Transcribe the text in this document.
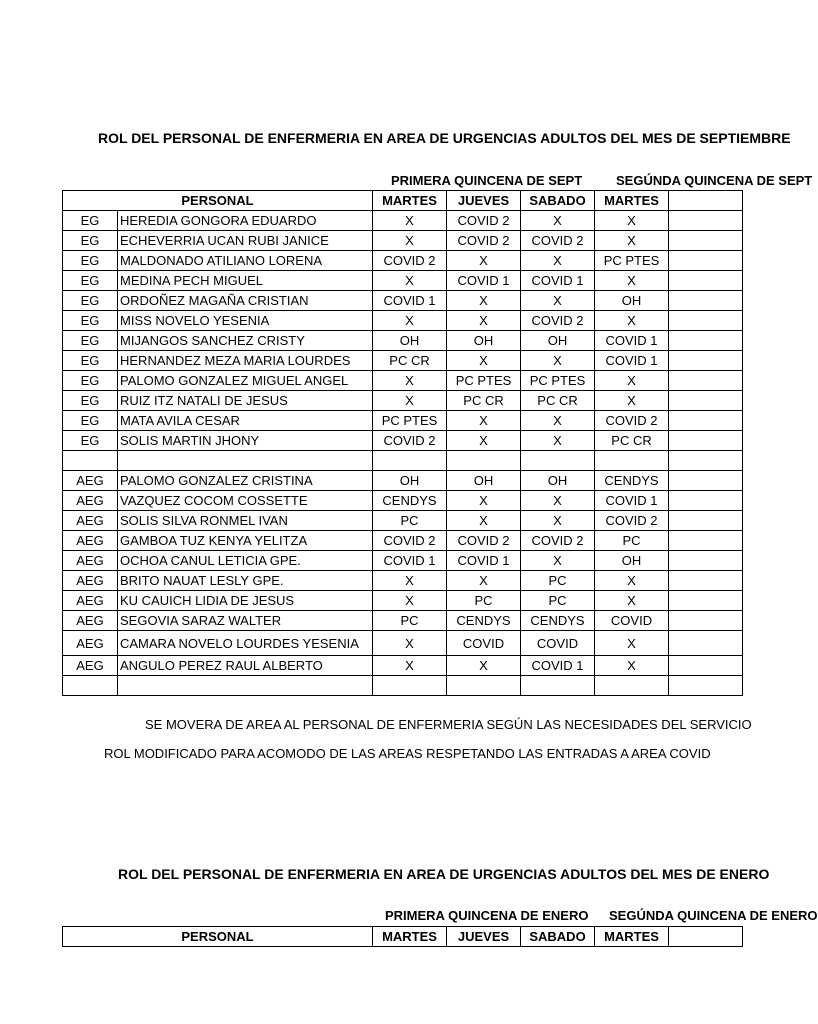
ROL DEL PERSONAL DE ENFERMERIA EN AREA DE URGENCIAS ADULTOS DEL MES DE SEPTIEMBRE
PRIMERA QUINCENA DE SEPT	SEGÚNDA QUINCENA DE SEPT
PERSONAL		MARTES	JUEVES	SABADO	MARTES	
EG	HEREDIA GONGORA EDUARDO	X	COVID 2	X	X	
EG	ECHEVERRIA UCAN RUBI JANICE	X	COVID 2	COVID 2	X	
EG	MALDONADO ATILIANO LORENA	COVID 2	X	X	PC PTES	
EG	MEDINA PECH MIGUEL	X	COVID 1	COVID 1	X	
EG	ORDOÑEZ MAGAÑA CRISTIAN	COVID 1	X	X	OH	
EG	MISS NOVELO YESENIA	X	X	COVID 2	X	
EG	MIJANGOS SANCHEZ CRISTY	OH	OH	OH	COVID 1	
EG	HERNANDEZ MEZA MARIA LOURDES	PC CR	X	X	COVID 1	
EG	PALOMO GONZALEZ MIGUEL ANGEL	X	PC PTES	PC PTES	X	
EG	RUIZ ITZ NATALI DE JESUS	X	PC CR	PC CR	X	
EG	MATA AVILA CESAR	PC PTES	X	X	COVID 2	
EG	SOLIS MARTIN JHONY	COVID 2	X	X	PC CR	

AEG	PALOMO GONZALEZ CRISTINA	OH	OH	OH	CENDYS	
AEG	VAZQUEZ COCOM COSSETTE	CENDYS	X	X	COVID 1	
AEG	SOLIS SILVA RONMEL IVAN	PC	X	X	COVID 2	
AEG	GAMBOA TUZ KENYA YELITZA	COVID 2	COVID 2	COVID 2	PC	
AEG	OCHOA CANUL LETICIA GPE.	COVID 1	COVID 1	X	OH	
AEG	BRITO NAUAT LESLY GPE.	X	X	PC	X	
AEG	KU CAUICH LIDIA DE JESUS	X	PC	PC	X	
AEG	SEGOVIA SARAZ WALTER	PC	CENDYS	CENDYS	COVID	
AEG	CAMARA NOVELO LOURDES YESENIA	X	COVID	COVID	X	
AEG	ANGULO PEREZ RAUL ALBERTO	X	X	COVID 1	X	

SE MOVERA DE AREA AL PERSONAL DE ENFERMERIA SEGÚN LAS NECESIDADES DEL SERVICIO
ROL MODIFICADO PARA ACOMODO DE LAS AREAS RESPETANDO LAS ENTRADAS A AREA COVID
ROL DEL PERSONAL DE ENFERMERIA EN AREA DE URGENCIAS ADULTOS DEL MES DE ENERO
PRIMERA QUINCENA DE ENERO SEGÚNDA QUINCENA DE ENERO
PERSONAL	MARTES	JUEVES	SABADO	MARTES	
